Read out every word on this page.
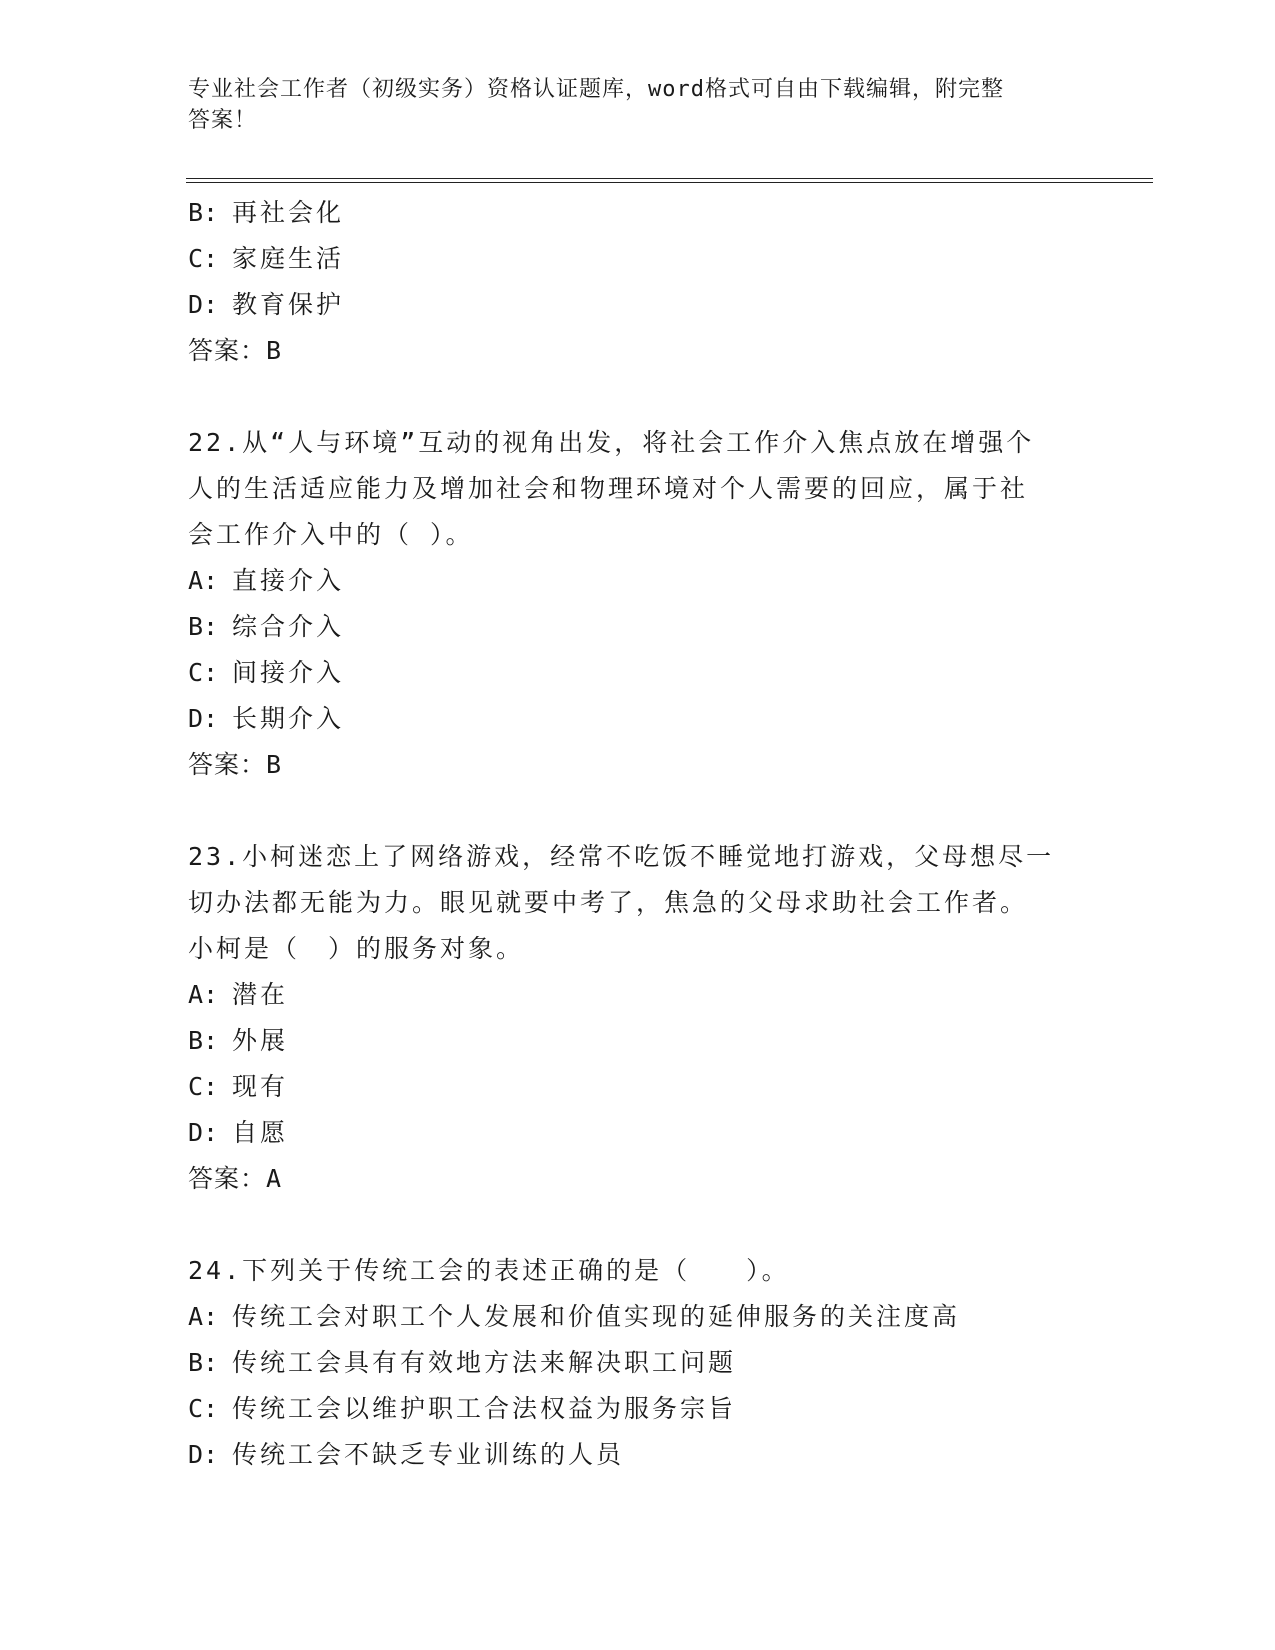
专业社会工作者（初级实务）资格认证题库，word格式可自由下载编辑，附完整
答案！
B: 再社会化
C: 家庭生活
D: 教育保护
答案：B
22.从“人与环境”互动的视角出发，将社会工作介入焦点放在增强个
人的生活适应能力及增加社会和物理环境对个人需要的回应，属于社
会工作介入中的（ ）。
A: 直接介入
B: 综合介入
C: 间接介入
D: 长期介入
答案：B
23.小柯迷恋上了网络游戏，经常不吃饭不睡觉地打游戏，父母想尽一
切办法都无能为力。眼见就要中考了，焦急的父母求助社会工作者。
小柯是（　）的服务对象。
A: 潜在
B: 外展
C: 现有
D: 自愿
答案：A
24.下列关于传统工会的表述正确的是（　　）。
A: 传统工会对职工个人发展和价值实现的延伸服务的关注度高
B: 传统工会具有有效地方法来解决职工问题
C: 传统工会以维护职工合法权益为服务宗旨
D: 传统工会不缺乏专业训练的人员
